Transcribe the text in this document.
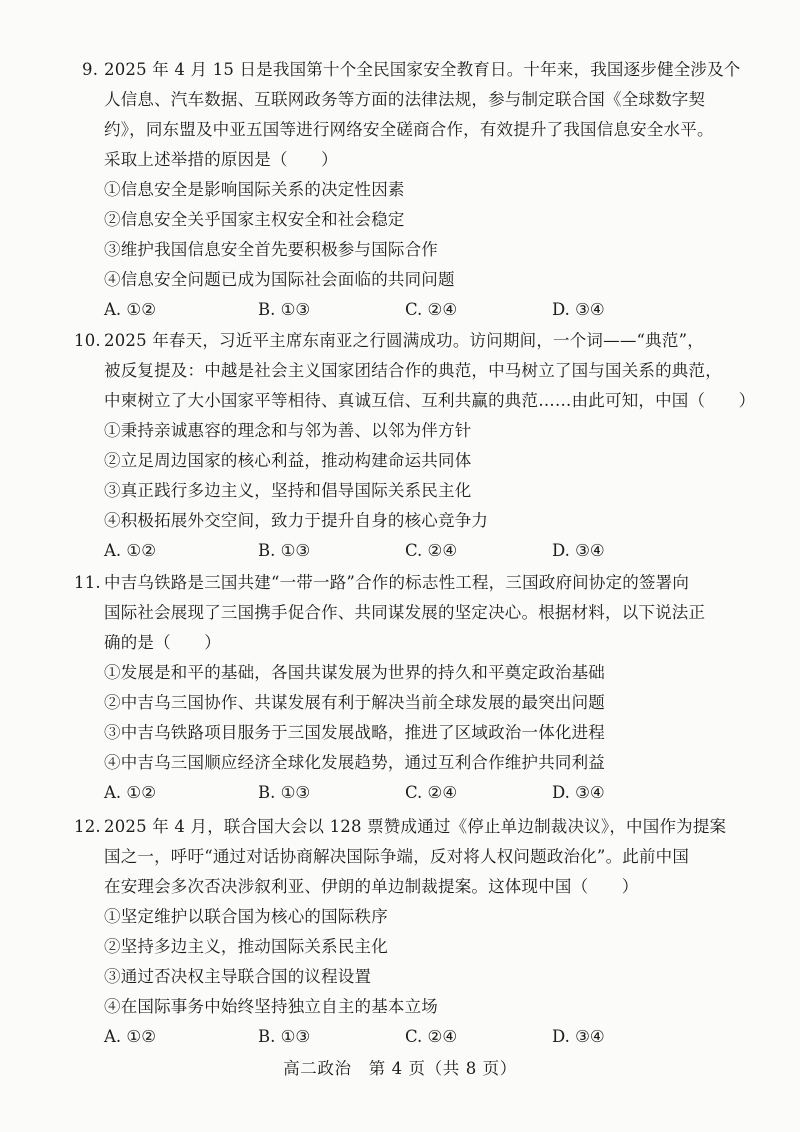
9. 2025 年 4 月 15 日是我国第十个全民国家安全教育日。十年来，我国逐步健全涉及个
人信息、汽车数据、互联网政务等方面的法律法规，参与制定联合国《全球数字契
约》，同东盟及中亚五国等进行网络安全磋商合作，有效提升了我国信息安全水平。
采取上述举措的原因是（　　）
①信息安全是影响国际关系的决定性因素
②信息安全关乎国家主权安全和社会稳定
③维护我国信息安全首先要积极参与国际合作
④信息安全问题已成为国际社会面临的共同问题
A. ①②	B. ①③	C. ②④	D. ③④
10. 2025 年春天，习近平主席东南亚之行圆满成功。访问期间，一个词——“典范”，
被反复提及：中越是社会主义国家团结合作的典范，中马树立了国与国关系的典范，
中柬树立了大小国家平等相待、真诚互信、互利共赢的典范……由此可知，中国（　　）
①秉持亲诚惠容的理念和与邻为善、以邻为伴方针
②立足周边国家的核心利益，推动构建命运共同体
③真正践行多边主义，坚持和倡导国际关系民主化
④积极拓展外交空间，致力于提升自身的核心竞争力
A. ①②	B. ①③	C. ②④	D. ③④
11. 中吉乌铁路是三国共建“一带一路”合作的标志性工程，三国政府间协定的签署向
国际社会展现了三国携手促合作、共同谋发展的坚定决心。根据材料，以下说法正
确的是（　　）
①发展是和平的基础，各国共谋发展为世界的持久和平奠定政治基础
②中吉乌三国协作、共谋发展有利于解决当前全球发展的最突出问题
③中吉乌铁路项目服务于三国发展战略，推进了区域政治一体化进程
④中吉乌三国顺应经济全球化发展趋势，通过互利合作维护共同利益
A. ①②	B. ①③	C. ②④	D. ③④
12. 2025 年 4 月，联合国大会以 128 票赞成通过《停止单边制裁决议》，中国作为提案
国之一，呼吁“通过对话协商解决国际争端，反对将人权问题政治化”。此前中国
在安理会多次否决涉叙利亚、伊朗的单边制裁提案。这体现中国（　　）
①坚定维护以联合国为核心的国际秩序
②坚持多边主义，推动国际关系民主化
③通过否决权主导联合国的议程设置
④在国际事务中始终坚持独立自主的基本立场
A. ①②	B. ①③	C. ②④	D. ③④
高二政治　第 4 页（共 8 页）
